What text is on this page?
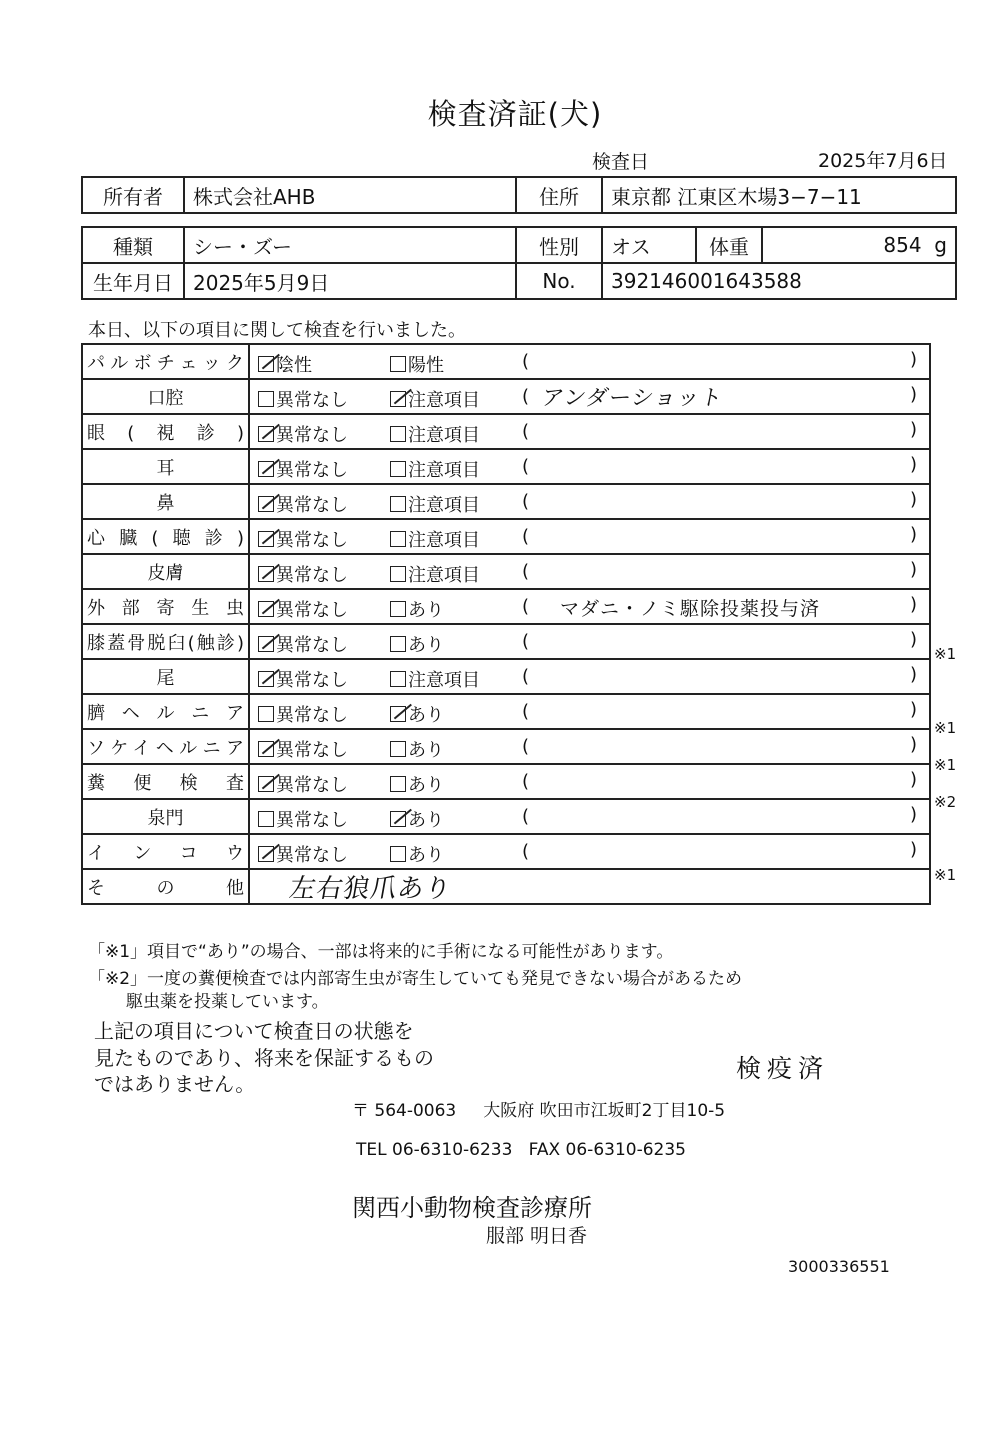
検査済証(犬)
検査日	2025年7月6日
所有者	株式会社AHB	住所	東京都 江東区木場3−7−11
種類	シー・ズー	性別	オス	体重	854 g
生年月日	2025年5月9日	No.	392146001643588		
本日、以下の項目に関して検査を行いました。
パルボチェック	陰性 陽性 ( )

口腔	異常なし 注意項目 ( アンダーショット )

眼(視診)	異常なし 注意項目 ( )

耳	異常なし 注意項目 ( )

鼻	異常なし 注意項目 ( )

心臓(聴診)	異常なし 注意項目 ( )

皮膚	異常なし 注意項目 ( )

外部寄生虫	異常なし あり ( マダニ・ノミ駆除投薬投与済 )

膝蓋骨脱臼(触診)	異常なし あり ( )

尾	異常なし 注意項目 ( )

臍ヘルニア	異常なし あり ( )

ソケイヘルニア	異常なし あり ( )

糞便検査	異常なし あり ( )

泉門	異常なし あり ( )

インコウ	異常なし あり ( )

その他	左右狼爪あり
※1
※1
※1
※2
※1
「※1」項目で“あり”の場合、一部は将来的に手術になる可能性があります。
「※2」一度の糞便検査では内部寄生虫が寄生していても発見できない場合があるため
駆虫薬を投薬しています。
上記の項目について検査日の状態を
見たものであり、将来を保証するもの
ではありません。
検疫済
〒 564-0063 大阪府 吹田市江坂町2丁目10-5
TEL 06-6310-6233 FAX 06-6310-6235
関西小動物検査診療所
服部 明日香
3000336551
